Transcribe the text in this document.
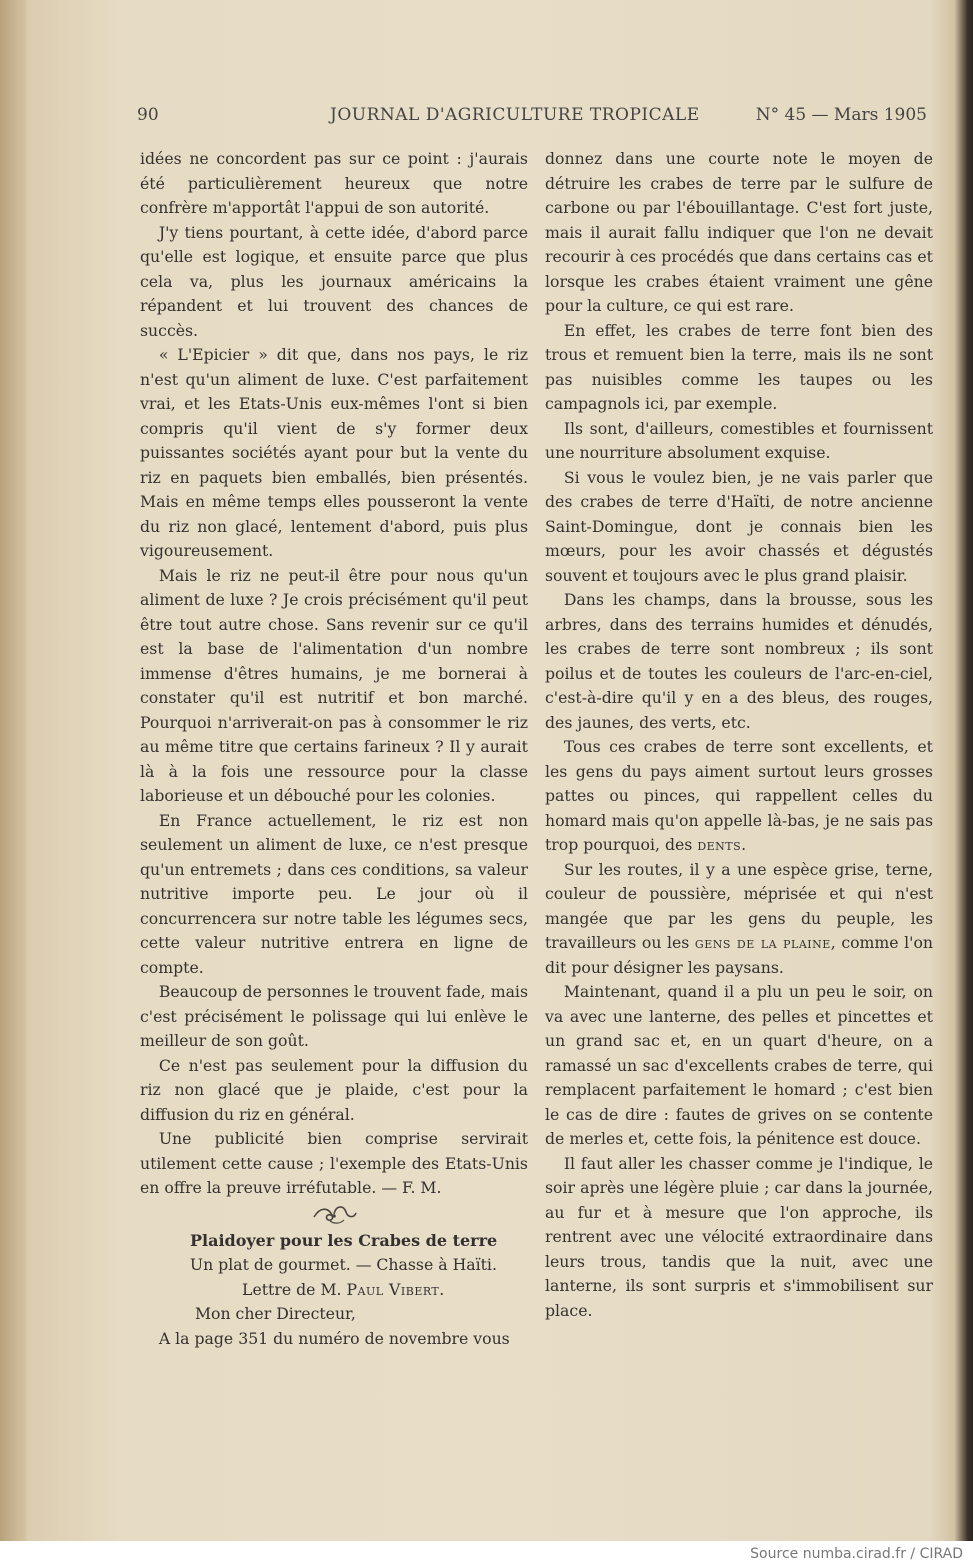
90	JOURNAL D'AGRICULTURE TROPICALE	N° 45 — Mars 1905

idées ne concordent pas sur ce point : j'aurais été particulièrement heureux que notre confrère m'apportât l'appui de son autorité.

J'y tiens pourtant, à cette idée, d'abord parce qu'elle est logique, et ensuite parce que plus cela va, plus les journaux américains la répandent et lui trouvent des chances de succès.

« L'Epicier » dit que, dans nos pays, le riz n'est qu'un aliment de luxe. C'est parfaitement vrai, et les Etats-Unis eux-mêmes l'ont si bien compris qu'il vient de s'y former deux puissantes sociétés ayant pour but la vente du riz en paquets bien emballés, bien présentés. Mais en même temps elles pousseront la vente du riz non glacé, lentement d'abord, puis plus vigoureusement.

Mais le riz ne peut-il être pour nous qu'un aliment de luxe ? Je crois précisément qu'il peut être tout autre chose. Sans revenir sur ce qu'il est la base de l'alimentation d'un nombre immense d'êtres humains, je me bornerai à constater qu'il est nutritif et bon marché. Pourquoi n'arriverait-on pas à consommer le riz au même titre que certains farineux ? Il y aurait là à la fois une ressource pour la classe laborieuse et un débouché pour les colonies.

En France actuellement, le riz est non seulement un aliment de luxe, ce n'est presque qu'un entremets ; dans ces conditions, sa valeur nutritive importe peu. Le jour où il concurrencera sur notre table les légumes secs, cette valeur nutritive entrera en ligne de compte.

Beaucoup de personnes le trouvent fade, mais c'est précisément le polissage qui lui enlève le meilleur de son goût.

Ce n'est pas seulement pour la diffusion du riz non glacé que je plaide, c'est pour la diffusion du riz en général.

Une publicité bien comprise servirait utilement cette cause ; l'exemple des Etats-Unis en offre la preuve irréfutable. — F. M.

Plaidoyer pour les Crabes de terre

Un plat de gourmet. — Chasse à Haïti.

Lettre de M. Paul Vibert.

Mon cher Directeur,

A la page 351 du numéro de novembre vous

donnez dans une courte note le moyen de détruire les crabes de terre par le sulfure de carbone ou par l'ébouillantage. C'est fort juste, mais il aurait fallu indiquer que l'on ne devait recourir à ces procédés que dans certains cas et lorsque les crabes étaient vraiment une gêne pour la culture, ce qui est rare.

En effet, les crabes de terre font bien des trous et remuent bien la terre, mais ils ne sont pas nuisibles comme les taupes ou les campagnols ici, par exemple.

Ils sont, d'ailleurs, comestibles et fournissent une nourriture absolument exquise.

Si vous le voulez bien, je ne vais parler que des crabes de terre d'Haïti, de notre ancienne Saint-Domingue, dont je connais bien les mœurs, pour les avoir chassés et dégustés souvent et toujours avec le plus grand plaisir.

Dans les champs, dans la brousse, sous les arbres, dans des terrains humides et dénudés, les crabes de terre sont nombreux ; ils sont poilus et de toutes les couleurs de l'arc-en-ciel, c'est-à-dire qu'il y en a des bleus, des rouges, des jaunes, des verts, etc.

Tous ces crabes de terre sont excellents, et les gens du pays aiment surtout leurs grosses pattes ou pinces, qui rappellent celles du homard mais qu'on appelle là-bas, je ne sais pas trop pourquoi, des dents.

Sur les routes, il y a une espèce grise, terne, couleur de poussière, méprisée et qui n'est mangée que par les gens du peuple, les travailleurs ou les gens de la plaine, comme l'on dit pour désigner les paysans.

Maintenant, quand il a plu un peu le soir, on va avec une lanterne, des pelles et pincettes et un grand sac et, en un quart d'heure, on a ramassé un sac d'excellents crabes de terre, qui remplacent parfaitement le homard ; c'est bien le cas de dire : fautes de grives on se contente de merles et, cette fois, la pénitence est douce.

Il faut aller les chasser comme je l'indique, le soir après une légère pluie ; car dans la journée, au fur et à mesure que l'on approche, ils rentrent avec une vélocité extraordinaire dans leurs trous, tandis que la nuit, avec une lanterne, ils sont surpris et s'immobilisent sur place.

Source numba.cirad.fr / CIRAD
